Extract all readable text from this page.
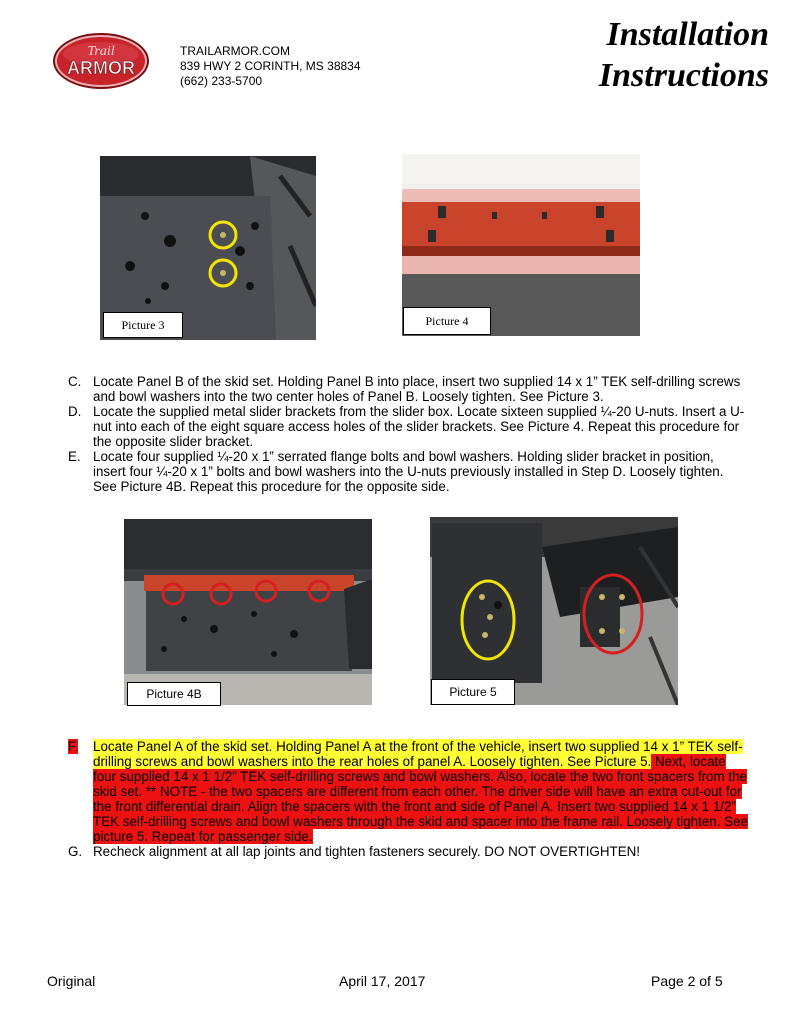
Trail
ARMOR
TRAILARMOR.COM
839 HWY 2 CORINTH, MS 38834
(662) 233-5700
Installation
Instructions
Picture 3	Picture 4
C. Locate Panel B of the skid set. Holding Panel B into place, insert two supplied 14 x 1” TEK self-drilling screws and bowl washers into the two center holes of Panel B. Loosely tighten. See Picture 3.
D. Locate the supplied metal slider brackets from the slider box. Locate sixteen supplied ¼-20 U-nuts. Insert a U-nut into each of the eight square access holes of the slider brackets. See Picture 4. Repeat this procedure for the opposite slider bracket.
E. Locate four supplied ¼-20 x 1” serrated flange bolts and bowl washers. Holding slider bracket in position, insert four ¼-20 x 1” bolts and bowl washers into the U-nuts previously installed in Step D. Loosely tighten. See Picture 4B. Repeat this procedure for the opposite side.
Picture 4B	Picture 5
F.	Locate Panel A of the skid set. Holding Panel A at the front of the vehicle, insert two supplied 14 x 1” TEK self-drilling screws and bowl washers into the rear holes of panel A. Loosely tighten. See Picture 5. Next, locate four supplied 14 x 1 1/2” TEK self-drilling screws and bowl washers. Also, locate the two front spacers from the skid set. ** NOTE - the two spacers are different from each other. The driver side will have an extra cut-out for the front differential drain. Align the spacers with the front and side of Panel A. Insert two supplied 14 x 1 1/2” TEK self-drilling screws and bowl washers through the skid and spacer into the frame rail. Loosely tighten. See picture 5. Repeat for passenger side.
G. Recheck alignment at all lap joints and tighten fasteners securely. DO NOT OVERTIGHTEN!
Original	April 17, 2017	Page 2 of 5
